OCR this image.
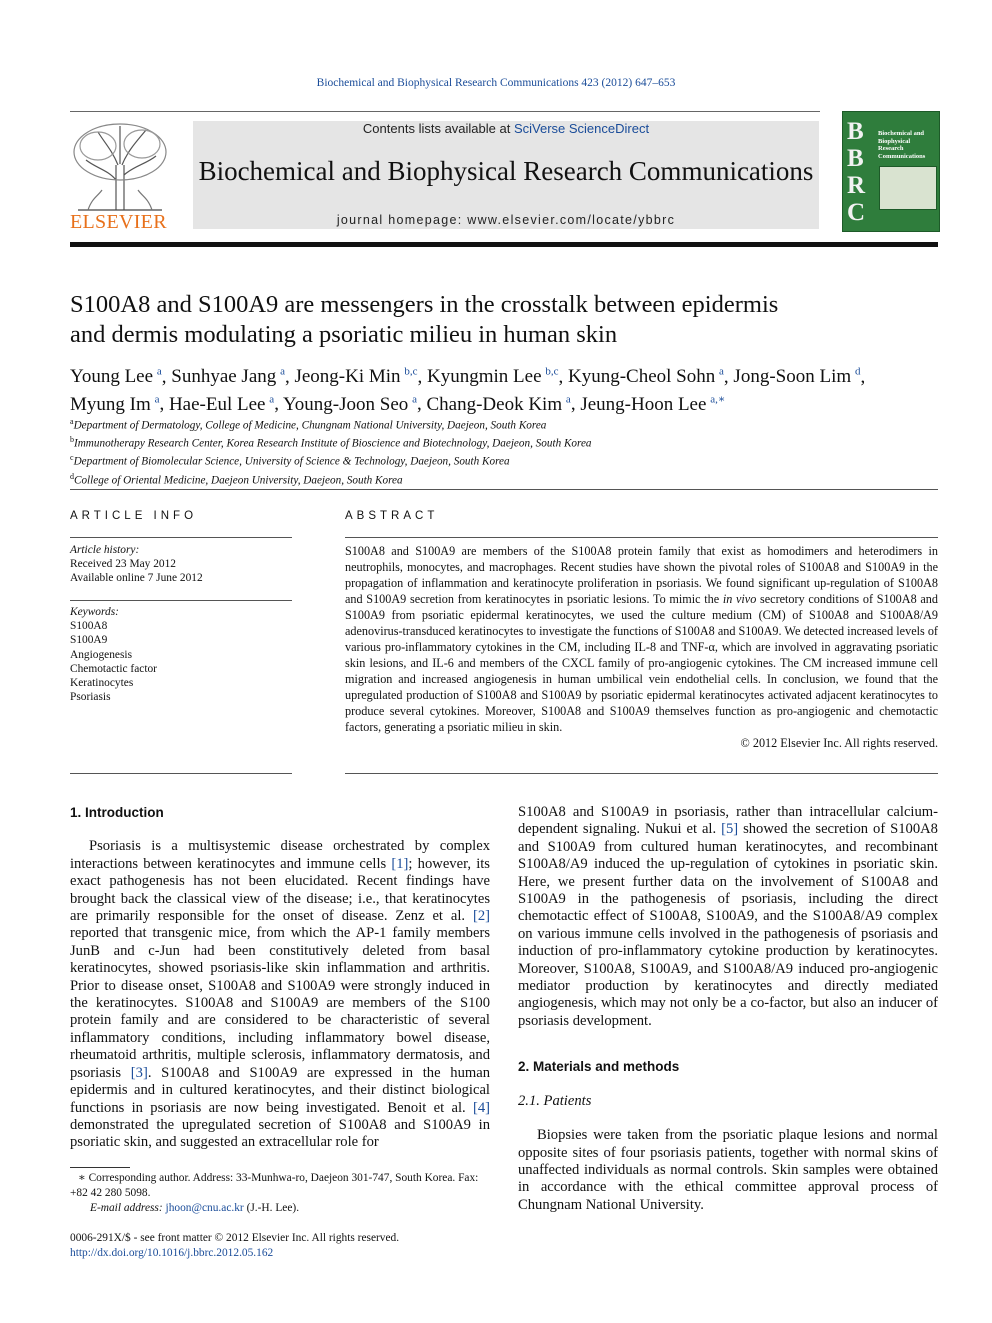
Biochemical and Biophysical Research Communications 423 (2012) 647–653
ELSEVIER
Contents lists available at SciVerse ScienceDirect
Biochemical and Biophysical Research Communications
journal homepage: www.elsevier.com/locate/ybbrc
B
B
R
C
Biochemical and Biophysical Research Communications
S100A8 and S100A9 are messengers in the crosstalk between epidermis
and dermis modulating a psoriatic milieu in human skin
Young Lee  $^a$, Sunhyae Jang  $^a$, Jeong-Ki Min  $^{b,c}$, Kyungmin Lee  $^{b,c}$, Kyung-Cheol Sohn  $^a$, Jong-Soon Lim  $^d$,
Myung Im  $^a$, Hae-Eul Lee  $^a$, Young-Joon Seo  $^a$, Chang-Deok Kim  $^a$, Jeung-Hoon Lee  $^{a,∗}$
$^a$Department of Dermatology, College of Medicine, Chungnam National University, Daejeon, South Korea
$^b$Immunotherapy Research Center, Korea Research Institute of Bioscience and Biotechnology, Daejeon, South Korea
$^c$Department of Biomolecular Science, University of Science & Technology, Daejeon, South Korea
$^d$College of Oriental Medicine, Daejeon University, Daejeon, South Korea
ARTICLE INFO	ABSTRACT
Article history:
Received 23 May 2012
Available online 7 June 2012
Keywords:
S100A8
S100A9
Angiogenesis
Chemotactic factor
Keratinocytes
Psoriasis
S100A8 and S100A9 are members of the S100A8 protein family that exist as homodimers and heterodimers in neutrophils, monocytes, and macrophages. Recent studies have shown the pivotal roles of S100A8 and S100A9 in the propagation of inflammation and keratinocyte proliferation in psoriasis. We found significant up-regulation of S100A8 and S100A9 secretion from keratinocytes in psoriatic lesions. To mimic the in vivo secretory conditions of S100A8 and S100A9 from psoriatic epidermal keratinocytes, we used the culture medium (CM) of S100A8 and S100A8/A9 adenovirus-transduced keratinocytes to investigate the functions of S100A8 and S100A9. We detected increased levels of various pro-inflammatory cytokines in the CM, including IL-8 and TNF-α, which are involved in aggravating psoriatic skin lesions, and IL-6 and members of the CXCL family of pro-angiogenic cytokines. The CM increased immune cell migration and increased angiogenesis in human umbilical vein endothelial cells. In conclusion, we found that the upregulated production of S100A8 and S100A9 by psoriatic epidermal keratinocytes activated adjacent keratinocytes to produce several cytokines. Moreover, S100A8 and S100A9 themselves function as pro-angiogenic and chemotactic factors, generating a psoriatic milieu in skin.
© 2012 Elsevier Inc. All rights reserved.
1. Introduction

Psoriasis is a multisystemic disease orchestrated by complex interactions between keratinocytes and immune cells [1]; however, its exact pathogenesis has not been elucidated. Recent findings have brought back the classical view of the disease; i.e., that keratinocytes are primarily responsible for the onset of disease. Zenz et al. [2] reported that transgenic mice, from which the AP-1 family members JunB and c-Jun had been constitutively deleted from basal keratinocytes, showed psoriasis-like skin inflammation and arthritis. Prior to disease onset, S100A8 and S100A9 were strongly induced in the keratinocytes. S100A8 and S100A9 are members of the S100 protein family and are considered to be characteristic of several inflammatory conditions, including inflammatory bowel disease, rheumatoid arthritis, multiple sclerosis, inflammatory dermatosis, and psoriasis [3]. S100A8 and S100A9 are expressed in the human epidermis and in cultured keratinocytes, and their distinct biological functions in psoriasis are now being investigated. Benoit et al. [4] demonstrated the upregulated secretion of S100A8 and S100A9 in psoriatic skin, and suggested an extracellular role for

∗ Corresponding author. Address: 33-Munhwa-ro, Daejeon 301-747, South Korea. Fax: +82 42 280 5098.
E-mail address: jhoon@cnu.ac.kr (J.-H. Lee).
0006-291X/$ - see front matter © 2012 Elsevier Inc. All rights reserved.
http://dx.doi.org/10.1016/j.bbrc.2012.05.162

S100A8 and S100A9 in psoriasis, rather than intracellular calcium-dependent signaling. Nukui et al. [5] showed the secretion of S100A8 and S100A9 from cultured human keratinocytes, and recombinant S100A8/A9 induced the up-regulation of cytokines in psoriatic skin. Here, we present further data on the involvement of S100A8 and S100A9 in the pathogenesis of psoriasis, including the direct chemotactic effect of S100A8, S100A9, and the S100A8/A9 complex on various immune cells involved in the pathogenesis of psoriasis and induction of pro-inflammatory cytokine production by keratinocytes. Moreover, S100A8, S100A9, and S100A8/A9 induced pro-angiogenic mediator production by keratinocytes and directly mediated angiogenesis, which may not only be a co-factor, but also an inducer of psoriasis development.

2. Materials and methods

2.1. Patients

Biopsies were taken from the psoriatic plaque lesions and normal opposite sites of four psoriasis patients, together with normal skins of unaffected individuals as normal controls. Skin samples were obtained in accordance with the ethical committee approval process of Chungnam National University.
